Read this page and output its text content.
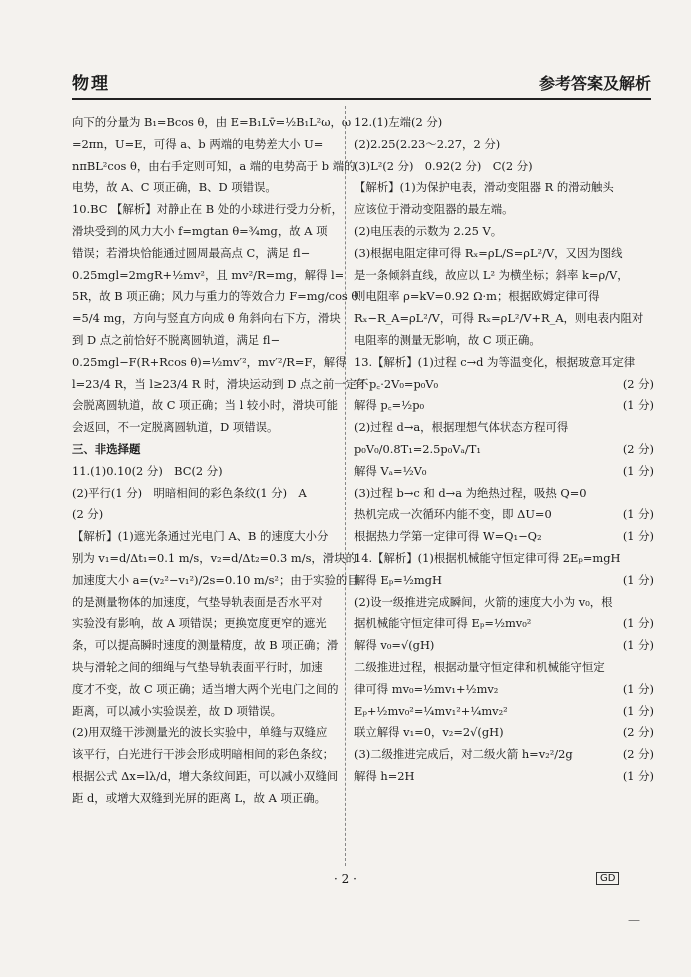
物理	参考答案及解析
向下的分量为 B₁=Bcos θ，由 E=B₁Lv̄=½B₁L²ω，ω
=2πn，U=E，可得 a、b 两端的电势差大小 U=
nπBL²cos θ，由右手定则可知，a 端的电势高于 b 端的
电势，故 A、C 项正确，B、D 项错误。
10.BC 【解析】对静止在 B 处的小球进行受力分析，
滑块受到的风力大小 f=mgtan θ=¾mg，故 A 项
错误；若滑块恰能通过圆周最高点 C，满足 fl−
0.25mgl=2mgR+½mv²，且 mv²/R=mg，解得 l=
5R，故 B 项正确；风力与重力的等效合力 F=mg/cos θ
=5/4 mg，方向与竖直方向成 θ 角斜向右下方，滑块
到 D 点之前恰好不脱离圆轨道，满足 fl−
0.25mgl−F(R+Rcos θ)=½mv′²，mv′²/R=F，解得
l=23/4 R，当 l≥23/4 R 时，滑块运动到 D 点之前一定不
会脱离圆轨道，故 C 项正确；当 l 较小时，滑块可能
会返回，不一定脱离圆轨道，D 项错误。
三、非选择题
11.(1)0.10(2 分)　BC(2 分)
(2)平行(1 分)　明暗相间的彩色条纹(1 分)　A
(2 分)
【解析】(1)遮光条通过光电门 A、B 的速度大小分
别为 v₁=d/Δt₁=0.1 m/s，v₂=d/Δt₂=0.3 m/s，滑块的
加速度大小 a=(v₂²−v₁²)/2s=0.10 m/s²；由于实验的目
的是测量物体的加速度，气垫导轨表面是否水平对
实验没有影响，故 A 项错误；更换宽度更窄的遮光
条，可以提高瞬时速度的测量精度，故 B 项正确；滑
块与滑轮之间的细绳与气垫导轨表面平行时，加速
度才不变，故 C 项正确；适当增大两个光电门之间的
距离，可以减小实验误差，故 D 项错误。
(2)用双缝干涉测量光的波长实验中，单缝与双缝应
该平行，白光进行干涉会形成明暗相间的彩色条纹；
根据公式 Δx=lλ/d，增大条纹间距，可以减小双缝间
距 d，或增大双缝到光屏的距离 L，故 A 项正确。
12.(1)左端(2 分)
(2)2.25(2.23～2.27，2 分)
(3)L²(2 分)　0.92(2 分)　C(2 分)
【解析】(1)为保护电表，滑动变阻器 R 的滑动触头
应该位于滑动变阻器的最左端。
(2)电压表的示数为 2.25 V。
(3)根据电阻定律可得 Rₓ=ρL/S=ρL²/V，又因为图线
是一条倾斜直线，故应以 L² 为横坐标；斜率 k=ρ/V，
则电阻率 ρ=kV=0.92 Ω·m；根据欧姆定律可得
Rₓ−R_A=ρL²/V，可得 Rₓ=ρL²/V+R_A，则电表内阻对
电阻率的测量无影响，故 C 项正确。
13.【解析】(1)过程 c→d 为等温变化，根据玻意耳定律
有 p꜀·2V₀=p₀V₀	(2 分)
解得 p꜀=½p₀	(1 分)
(2)过程 d→a，根据理想气体状态方程可得
p₀V₀/0.8T₁=2.5p₀Vₐ/T₁	(2 分)
解得 Vₐ=½V₀	(1 分)
(3)过程 b→c 和 d→a 为绝热过程，吸热 Q=0
热机完成一次循环内能不变，即 ΔU=0	(1 分)
根据热力学第一定律可得 W=Q₁−Q₂	(1 分)
14.【解析】(1)根据机械能守恒定律可得 2Eₚ=mgH
解得 Eₚ=½mgH	(1 分)
(2)设一级推进完成瞬间，火箭的速度大小为 v₀，根
据机械能守恒定律可得 Eₚ=½mv₀²	(1 分)
解得 v₀=√(gH)	(1 分)
二级推进过程，根据动量守恒定律和机械能守恒定
律可得 mv₀=½mv₁+½mv₂	(1 分)
Eₚ+½mv₀²=¼mv₁²+¼mv₂²	(1 分)
联立解得 v₁=0，v₂=2√(gH)	(2 分)
(3)二级推进完成后，对二级火箭 h=v₂²/2g	(2 分)
解得 h=2H	(1 分)
· 2 ·	GD
—
